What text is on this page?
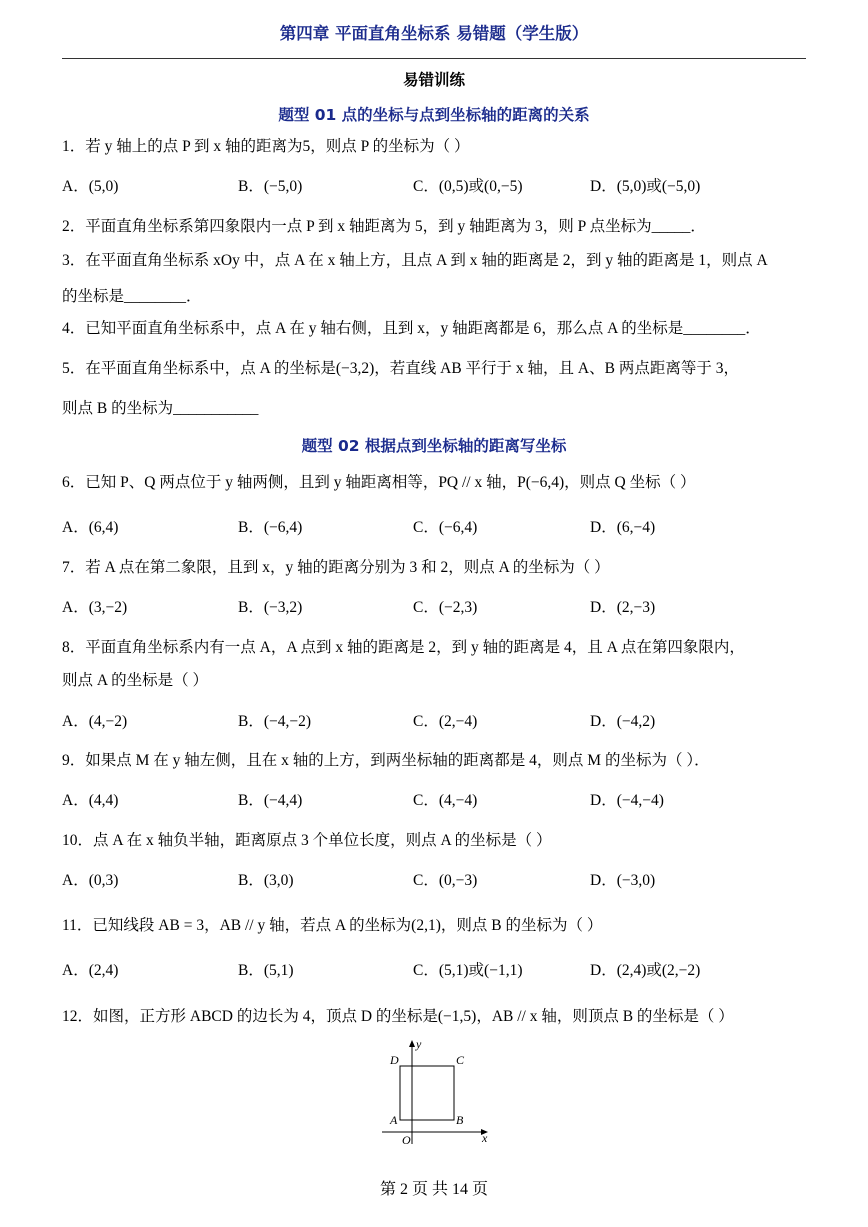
第四章 平面直角坐标系 易错题（学生版）
易错训练
题型 01 点的坐标与点到坐标轴的距离的关系
1．若 y 轴上的点 P 到 x 轴的距离为5，则点 P 的坐标为（ ）
A．(5,0)	B．(−5,0)	C．(0,5)或(0,−5)	D．(5,0)或(−5,0)
2．平面直角坐标系第四象限内一点 P 到 x 轴距离为 5，到 y 轴距离为 3，则 P 点坐标为_____．
3．在平面直角坐标系 xOy 中，点 A 在 x 轴上方，且点 A 到 x 轴的距离是 2，到 y 轴的距离是 1，则点 A
的坐标是________．
4．已知平面直角坐标系中，点 A 在 y 轴右侧，且到 x，y 轴距离都是 6，那么点 A 的坐标是________．
5．在平面直角坐标系中，点 A 的坐标是(−3,2)，若直线 AB 平行于 x 轴，且 A、B 两点距离等于 3，
则点 B 的坐标为___________
题型 02 根据点到坐标轴的距离写坐标
6．已知 P、Q 两点位于 y 轴两侧，且到 y 轴距离相等，PQ // x 轴，P(−6,4)，则点 Q 坐标（ ）
A．(6,4)	B．(−6,4)	C．(−6,4)	D．(6,−4)
7．若 A 点在第二象限，且到 x，y 轴的距离分别为 3 和 2，则点 A 的坐标为（ ）
A．(3,−2)	B．(−3,2)	C．(−2,3)	D．(2,−3)
8．平面直角坐标系内有一点 A，A 点到 x 轴的距离是 2，到 y 轴的距离是 4，且 A 点在第四象限内，
则点 A 的坐标是（ ）
A．(4,−2)	B．(−4,−2)	C．(2,−4)	D．(−4,2)
9．如果点 M 在 y 轴左侧，且在 x 轴的上方，到两坐标轴的距离都是 4，则点 M 的坐标为（ ）．
A．(4,4)	B．(−4,4)	C．(4,−4)	D．(−4,−4)
10．点 A 在 x 轴负半轴，距离原点 3 个单位长度，则点 A 的坐标是（ ）
A．(0,3)	B．(3,0)	C．(0,−3)	D．(−3,0)
11．已知线段 AB = 3，AB // y 轴，若点 A 的坐标为(2,1)，则点 B 的坐标为（ ）
A．(2,4)	B．(5,1)	C．(5,1)或(−1,1)	D．(2,4)或(2,−2)
12．如图，正方形 ABCD 的边长为 4，顶点 D 的坐标是(−1,5)，AB // x 轴，则顶点 B 的坐标是（ ）
y
x
O
A	B
C
D
第 2 页 共 14 页
